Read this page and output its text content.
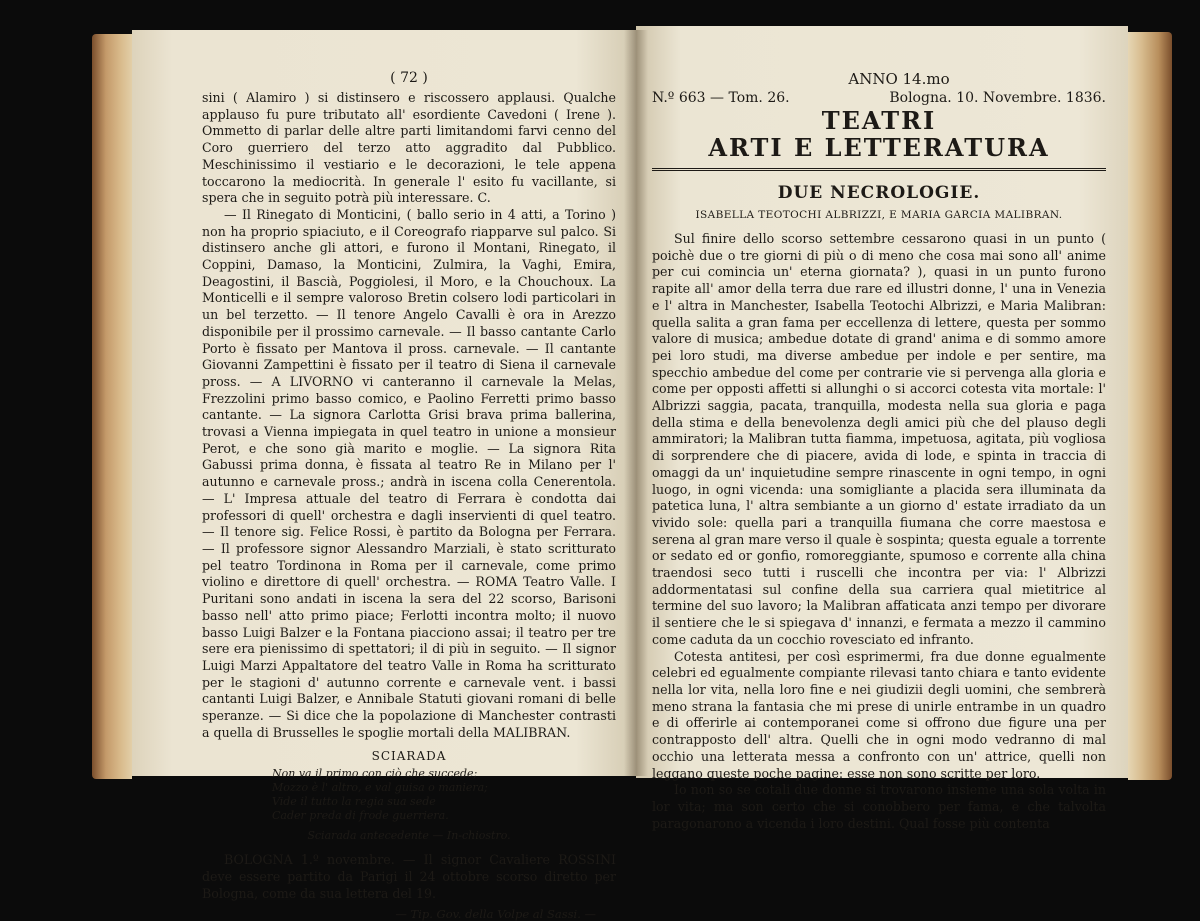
( 72 )

sini ( Alamiro ) si distinsero e riscossero applausi. Qualche applauso fu pure tributato all' esordiente Cavedoni ( Irene ). Ommetto di parlar delle altre parti limitandomi farvi cenno del Coro guerriero del terzo atto aggradito dal Pubblico. Meschinissimo il vestiario e le decorazioni, le tele appena toccarono la mediocrità. In generale l' esito fu vacillante, si spera che in seguito potrà più interessare. C.

— Il Rinegato di Monticini, ( ballo serio in 4 atti, a Torino ) non ha proprio spiaciuto, e il Coreografo riapparve sul palco. Si distinsero anche gli attori, e furono il Montani, Rinegato, il Coppini, Damaso, la Monticini, Zulmira, la Vaghi, Emira, Deagostini, il Bascià, Poggiolesi, il Moro, e la Chouchoux. La Monticelli e il sempre valoroso Bretin colsero lodi particolari in un bel terzetto. — Il tenore Angelo Cavalli è ora in Arezzo disponibile per il prossimo carnevale. — Il basso cantante Carlo Porto è fissato per Mantova il pross. carnevale. — Il cantante Giovanni Zampettini è fissato per il teatro di Siena il carnevale pross. — A LIVORNO vi canteranno il carnevale la Melas, Frezzolini primo basso comico, e Paolino Ferretti primo basso cantante. — La signora Carlotta Grisi brava prima ballerina, trovasi a Vienna impiegata in quel teatro in unione a monsieur Perot, e che sono già marito e moglie. — La signora Rita Gabussi prima donna, è fissata al teatro Re in Milano per l' autunno e carnevale pross.; andrà in iscena colla Cenerentola. — L' Impresa attuale del teatro di Ferrara è condotta dai professori di quell' orchestra e dagli inservienti di quel teatro. — Il tenore sig. Felice Rossi, è partito da Bologna per Ferrara. — Il professore signor Alessandro Marziali, è stato scritturato pel teatro Tordinona in Roma per il carnevale, come primo violino e direttore di quell' orchestra. — ROMA Teatro Valle. I Puritani sono andati in iscena la sera del 22 scorso, Barisoni basso nell' atto primo piace; Ferlotti incontra molto; il nuovo basso Luigi Balzer e la Fontana piacciono assai; il teatro per tre sere era pienissimo di spettatori; il di più in seguito. — Il signor Luigi Marzi Appaltatore del teatro Valle in Roma ha scritturato per le stagioni d' autunno corrente e carnevale vent. i bassi cantanti Luigi Balzer, e Annibale Statuti giovani romani di belle speranze. — Si dice che la popolazione di Manchester contrasti a quella di Brusselles le spoglie mortali della MALIBRAN.

SCIARADA
Non va il primo con ciò che succede;
Mozzo è l' altro, e val guisa o maniera;
Vide il tutto la regia sua sede
Cader preda di frode guerriera.
Sciarada antecedente — In-chiostro.
BOLOGNA 1.º novembre. — Il signor Cavaliere ROSSINI deve essere partito da Parigi il 24 ottobre scorso diretto per Bologna, come da sua lettera del 19.
— Tip. Gov. della Volpe al Sassi. —
ANNO 14.mo
N.º 663 — Tom. 26.	Bologna. 10. Novembre. 1836.
TEATRI
ARTI E LETTERATURA
DUE NECROLOGIE.
ISABELLA TEOTOCHI ALBRIZZI, E MARIA GARCIA MALIBRAN.

Sul finire dello scorso settembre cessarono quasi in un punto ( poichè due o tre giorni di più o di meno che cosa mai sono all' anime per cui comincia un' eterna giornata? ), quasi in un punto furono rapite all' amor della terra due rare ed illustri donne, l' una in Venezia e l' altra in Manchester, Isabella Teotochi Albrizzi, e Maria Malibran: quella salita a gran fama per eccellenza di lettere, questa per sommo valore di musica; ambedue dotate di grand' anima e di sommo amore pei loro studi, ma diverse ambedue per indole e per sentire, ma specchio ambedue del come per contrarie vie si pervenga alla gloria e come per opposti affetti si allunghi o si accorci cotesta vita mortale: l' Albrizzi saggia, pacata, tranquilla, modesta nella sua gloria e paga della stima e della benevolenza degli amici più che del plauso degli ammiratori; la Malibran tutta fiamma, impetuosa, agitata, più vogliosa di sorprendere che di piacere, avida di lode, e spinta in traccia di omaggi da un' inquietudine sempre rinascente in ogni tempo, in ogni luogo, in ogni vicenda: una somigliante a placida sera illuminata da patetica luna, l' altra sembiante a un giorno d' estate irradiato da un vivido sole: quella pari a tranquilla fiumana che corre maestosa e serena al gran mare verso il quale è sospinta; questa eguale a torrente or sedato ed or gonfio, romoreggiante, spumoso e corrente alla china traendosi seco tutti i ruscelli che incontra per via: l' Albrizzi addormentatasi sul confine della sua carriera qual mietitrice al termine del suo lavoro; la Malibran affaticata anzi tempo per divorare il sentiere che le si spiegava d' innanzi, e fermata a mezzo il cammino come caduta da un cocchio rovesciato ed infranto.

Cotesta antitesi, per così esprimermi, fra due donne egualmente celebri ed egualmente compiante rilevasi tanto chiara e tanto evidente nella lor vita, nella loro fine e nei giudizii degli uomini, che sembrerà meno strana la fantasia che mi prese di unirle entrambe in un quadro e di offerirle ai contemporanei come si offrono due figure una per contrapposto dell' altra. Quelli che in ogni modo vedranno di mal occhio una letterata messa a confronto con un' attrice, quelli non leggano queste poche pagine: esse non sono scritte per loro.

Io non so se cotali due donne si trovarono insieme una sola volta in lor vita; ma son certo che si conobbero per fama, e che talvolta paragonarono a vicenda i loro destini. Qual fosse più contenta
